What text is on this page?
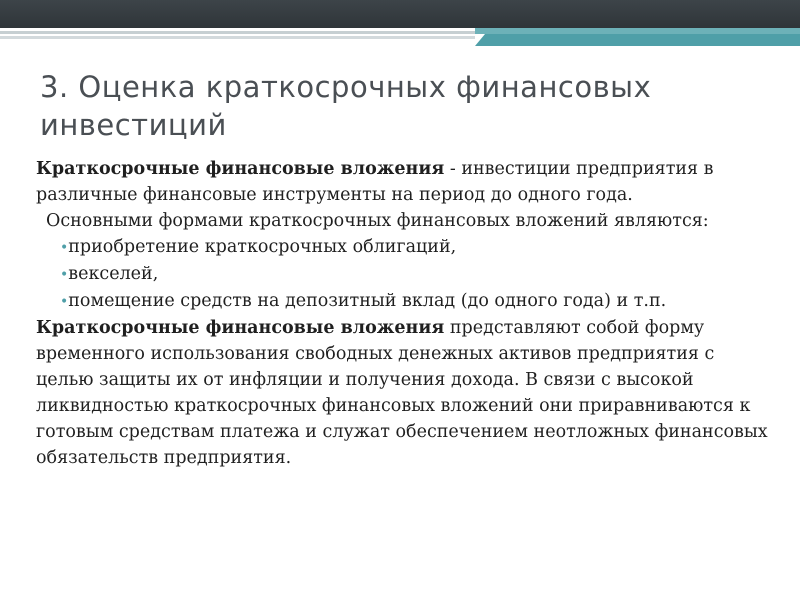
3. Оценка краткосрочных финансовых инвестиций

Краткосрочные финансовые вложения - инвестиции предприятия в различные финансовые инструменты на период до одного года.

Основными формами краткосрочных финансовых вложений являются:

•приобретение краткосрочных облигаций,
•векселей,
•помещение средств на депозитный вклад (до одного года) и т.п.

Краткосрочные финансовые вложения представляют собой форму временного использования свободных денежных активов предприятия с целью защиты их от инфляции и получения дохода. В связи с высокой ликвидностью краткосрочных финансовых вложений они приравниваются к готовым средствам платежа и служат обеспечением неотложных финансовых обязательств предприятия.
